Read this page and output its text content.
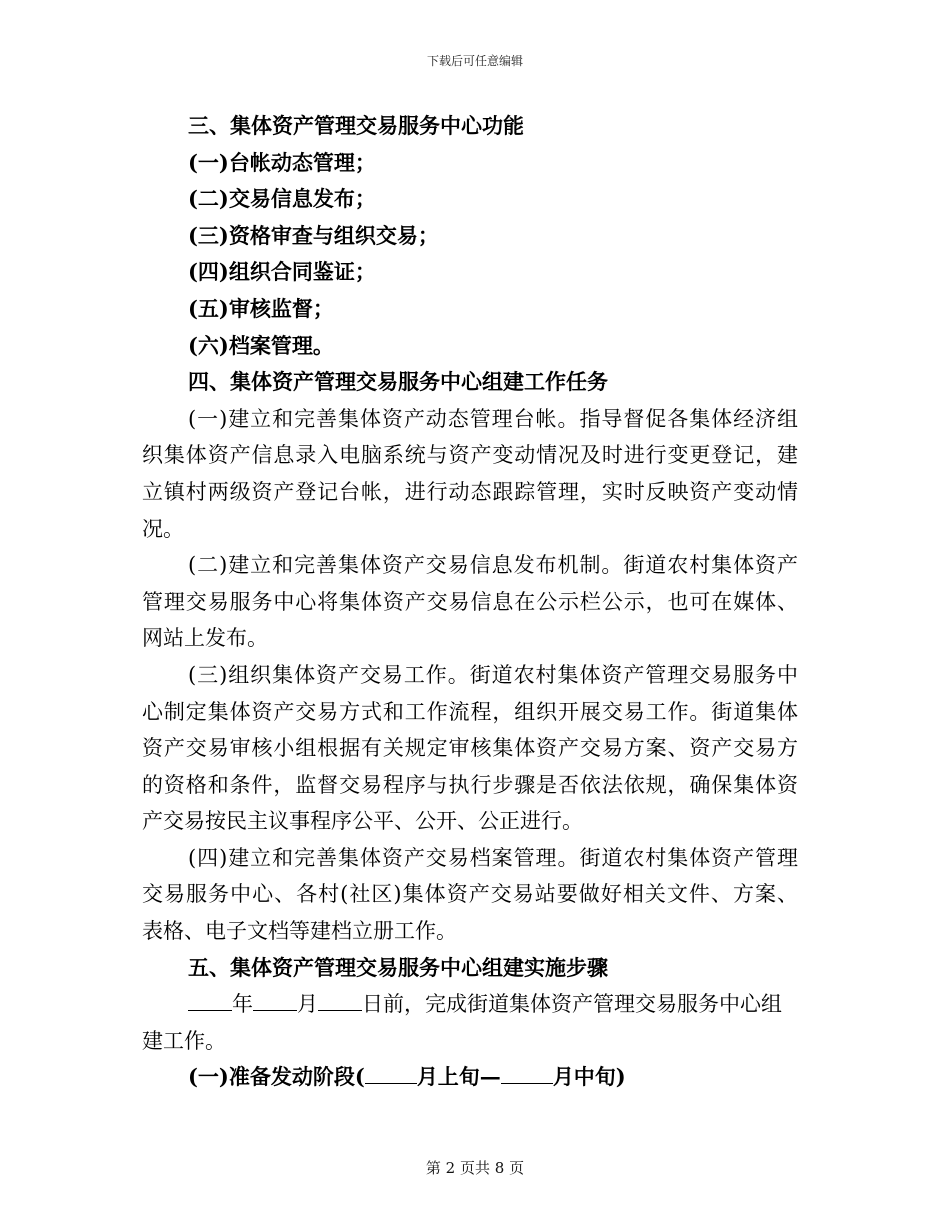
下载后可任意编辑
三、集体资产管理交易服务中心功能
(一)台帐动态管理；
(二)交易信息发布；
(三)资格审查与组织交易；
(四)组织合同鉴证；
(五)审核监督；
(六)档案管理。
四、集体资产管理交易服务中心组建工作任务
(一)建立和完善集体资产动态管理台帐。指导督促各集体经济组
织集体资产信息录入电脑系统与资产变动情况及时进行变更登记，建
立镇村两级资产登记台帐，进行动态跟踪管理，实时反映资产变动情
况。
(二)建立和完善集体资产交易信息发布机制。街道农村集体资产
管理交易服务中心将集体资产交易信息在公示栏公示，也可在媒体、
网站上发布。
(三)组织集体资产交易工作。街道农村集体资产管理交易服务中
心制定集体资产交易方式和工作流程，组织开展交易工作。街道集体
资产交易审核小组根据有关规定审核集体资产交易方案、资产交易方
的资格和条件，监督交易程序与执行步骤是否依法依规，确保集体资
产交易按民主议事程序公平、公开、公正进行。
(四)建立和完善集体资产交易档案管理。街道农村集体资产管理
交易服务中心、各村(社区)集体资产交易站要做好相关文件、方案、
表格、电子文档等建档立册工作。
五、集体资产管理交易服务中心组建实施步骤
年 月 日前，完成街道集体资产管理交易服务中心组
建工作。
(一)准备发动阶段( 月上旬— 月中旬)
第 2 页共 8 页
